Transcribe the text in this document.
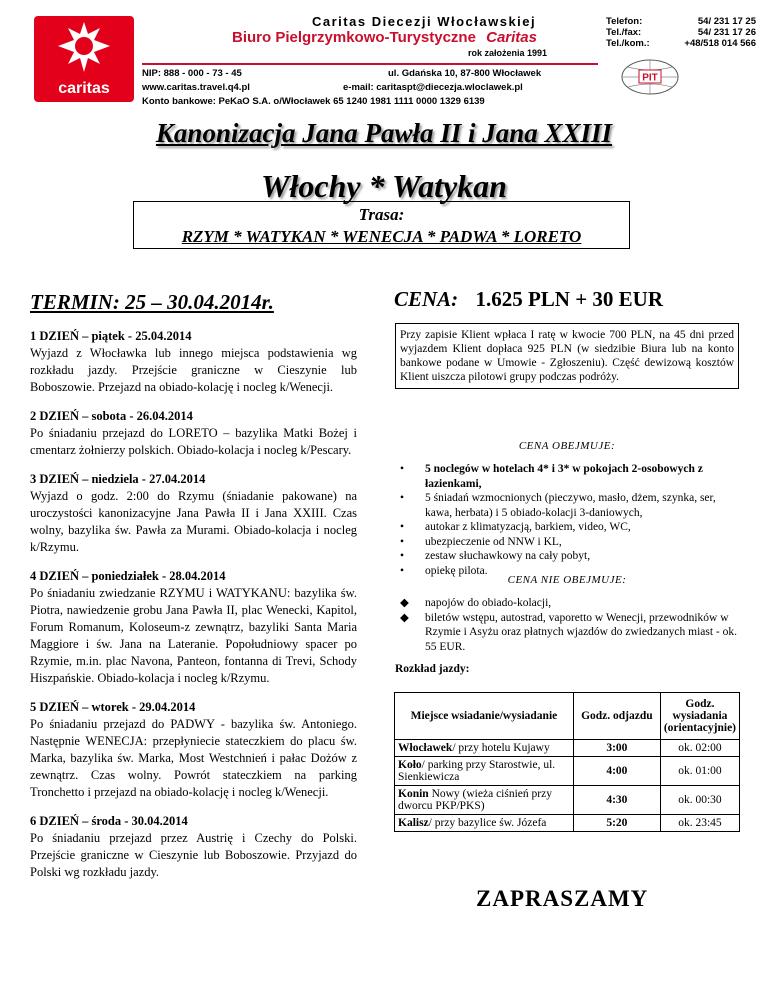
caritas
Caritas Diecezji Włocławskiej
Biuro Pielgrzymkowo-Turystyczne Caritas
rok założenia 1991
Telefon:	54/ 231 17 25
Tel./fax:	54/ 231 17 26
Tel./kom.:	+48/518 014 566
NIP: 888 - 000 - 73 - 45	ul. Gdańska 10, 87-800 Włocławek
www.caritas.travel.q4.pl	e-mail: caritaspt@diecezja.wloclawek.pl
Konto bankowe: PeKaO S.A. o/Włocławek 65 1240 1981 1111 0000 1329 6139
PIT
Kanonizacja Jana Pawła II i Jana XXIII
Włochy * Watykan
Trasa:
RZYM * WATYKAN * WENECJA * PADWA * LORETO
TERMIN: 25 – 30.04.2014r.	CENA: 1.625 PLN + 30 EUR
1 DZIEŃ – piątek - 25.04.2014

Wyjazd z Włocławka lub innego miejsca podstawienia wg rozkładu jazdy. Przejście graniczne w Cieszynie lub Boboszowie. Przejazd na obiado-kolację i nocleg k/Wenecji.

2 DZIEŃ – sobota - 26.04.2014

Po śniadaniu przejazd do LORETO – bazylika Matki Bożej i cmentarz żołnierzy polskich. Obiado-kolacja i nocleg k/Pescary.

3 DZIEŃ – niedziela - 27.04.2014

Wyjazd o godz. 2:00 do Rzymu (śniadanie pakowane) na uroczystości kanonizacyjne Jana Pawła II i Jana XXIII. Czas wolny, bazylika św. Pawła za Murami. Obiado-kolacja i nocleg k/Rzymu.

4 DZIEŃ – poniedziałek - 28.04.2014

Po śniadaniu zwiedzanie RZYMU i WATYKANU: bazylika św. Piotra, nawiedzenie grobu Jana Pawła II, plac Wenecki, Kapitol, Forum Romanum, Koloseum-z zewnątrz, bazyliki Santa Maria Maggiore i św. Jana na Lateranie. Popołudniowy spacer po Rzymie, m.in. plac Navona, Panteon, fontanna di Trevi, Schody Hiszpańskie. Obiado-kolacja i nocleg k/Rzymu.

5 DZIEŃ – wtorek - 29.04.2014

Po śniadaniu przejazd do PADWY - bazylika św. Antoniego. Następnie WENECJA: przepłyniecie stateczkiem do placu św. Marka, bazylika św. Marka, Most Westchnień i pałac Dożów z zewnątrz. Czas wolny. Powrót stateczkiem na parking Tronchetto i przejazd na obiado-kolację i nocleg k/Wenecji.

6 DZIEŃ – środa - 30.04.2014

Po śniadaniu przejazd przez Austrię i Czechy do Polski. Przejście graniczne w Cieszynie lub Boboszowie. Przyjazd do Polski wg rozkładu jazdy.

Przy zapisie Klient wpłaca I ratę w kwocie 700 PLN, na 45 dni przed wyjazdem Klient dopłaca 925 PLN (w siedzibie Biura lub na konto bankowe podane w Umowie - Zgłoszeniu). Część dewizową kosztów Klient uiszcza pilotowi grupy podczas podróży.
CENA OBEJMUJE:
• 5 noclegów w hotelach 4* i 3* w pokojach 2-osobowych z łazienkami,
• 5 śniadań wzmocnionych (pieczywo, masło, dżem, szynka, ser, kawa, herbata) i 5 obiado-kolacji 3-daniowych,
• autokar z klimatyzacją, barkiem, video, WC,
• ubezpieczenie od NNW i KL,
• zestaw słuchawkowy na cały pobyt,
• opiekę pilota.
CENA NIE OBEJMUJE:
◆ napojów do obiado-kolacji,
◆ biletów wstępu, autostrad, vaporetto w Wenecji, przewodników w Rzymie i Asyżu oraz płatnych wjazdów do zwiedzanych miast - ok. 55 EUR.
Rozkład jazdy:
Miejsce wsiadanie/wysiadanie	Godz. odjazdu	Godz. wysiadania (orientacyjnie)
Włocławek/ przy hotelu Kujawy	3:00	ok. 02:00
Koło/ parking przy Starostwie, ul. Sienkiewicza	4:00	ok. 01:00
Konin Nowy (wieża ciśnień przy dworcu PKP/PKS)	4:30	ok. 00:30
Kalisz/ przy bazylice św. Józefa	5:20	ok. 23:45
ZAPRASZAMY
